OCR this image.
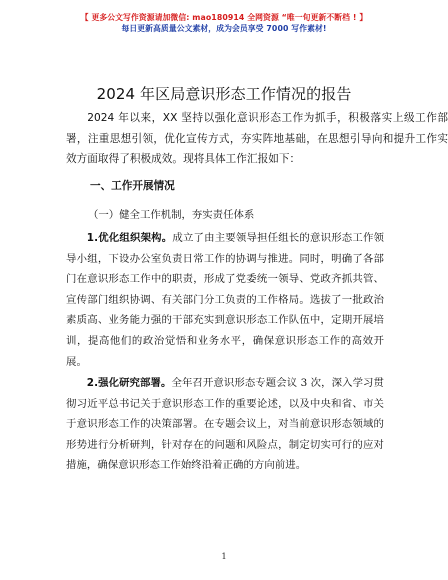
【 更多公文写作资源请加微信: mao180914 全网资源 “唯一旬更新不断档 ! 】
每日更新高质量公文素材，成为会员享受 7000 写作素材!
2024 年区局意识形态工作情况的报告
2024 年以来，XX 坚持以强化意识形态工作为抓手，积极落实上级工作部署，注重思想引领，优化宣传方式，夯实阵地基础，在思想引导向和提升工作实效方面取得了积极成效。现将具体工作汇报如下：
一、工作开展情况
（一）健全工作机制，夯实责任体系
1.优化组织架构。成立了由主要领导担任组长的意识形态工作领导小组，下设办公室负责日常工作的协调与推进。同时，明确了各部门在意识形态工作中的职责，形成了党委统一领导、党政齐抓共管、宣传部门组织协调、有关部门分工负责的工作格局。选拔了一批政治素质高、业务能力强的干部充实到意识形态工作队伍中，定期开展培训，提高他们的政治觉悟和业务水平，确保意识形态工作的高效开展。
2.强化研究部署。全年召开意识形态专题会议 3 次，深入学习贯彻习近平总书记关于意识形态工作的重要论述，以及中央和省、市关于意识形态工作的决策部署。在专题会议上，对当前意识形态领域的形势进行分析研判，针对存在的问题和风险点，制定切实可行的应对措施，确保意识形态工作始终沿着正确的方向前进。
1
